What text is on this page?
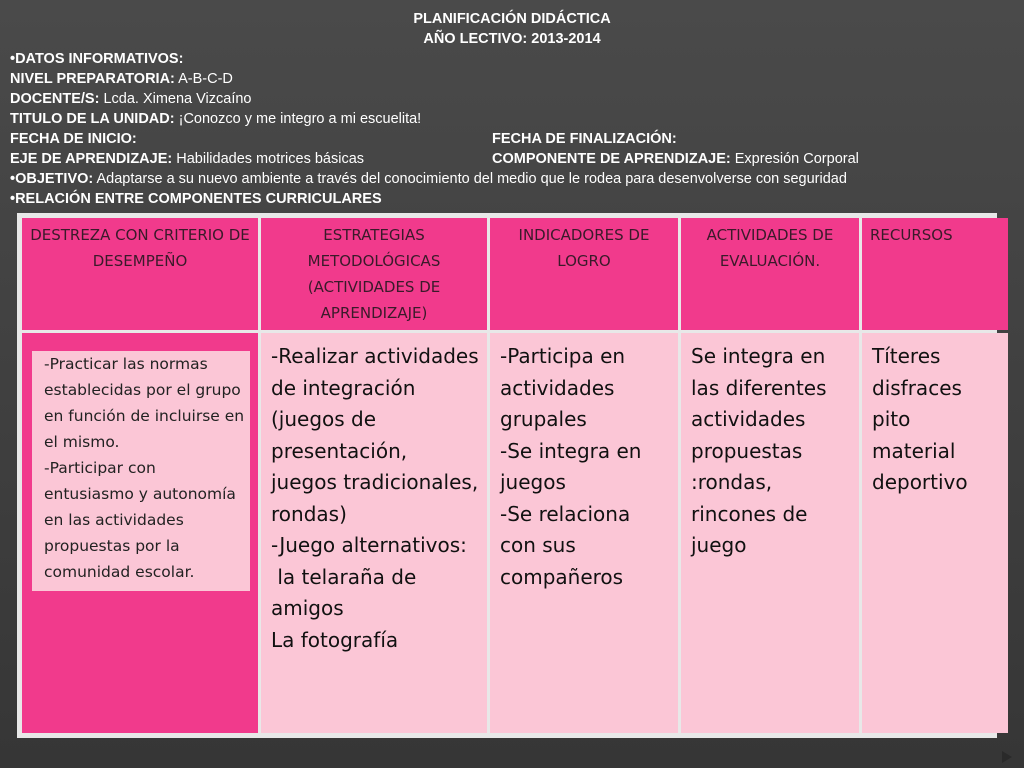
PLANIFICACIÓN DIDÁCTICA
AÑO LECTIVO: 2013-2014
•DATOS INFORMATIVOS:
NIVEL PREPARATORIA: A-B-C-D
DOCENTE/S: Lcda. Ximena Vizcaíno
TITULO DE LA UNIDAD: ¡Conozco y me integro a mi escuelita!
FECHA DE INICIO:	FECHA DE FINALIZACIÓN:
EJE DE APRENDIZAJE: Habilidades motrices básicas	COMPONENTE DE APRENDIZAJE: Expresión Corporal
•OBJETIVO: Adaptarse a su nuevo ambiente a través del conocimiento del medio que le rodea para desenvolverse con seguridad
•RELACIÓN ENTRE COMPONENTES CURRICULARES
DESTREZA CON CRITERIO DE DESEMPEÑO	ESTRATEGIAS METODOLÓGICAS (ACTIVIDADES DE APRENDIZAJE)	INDICADORES DE LOGRO	ACTIVIDADES DE EVALUACIÓN.	RECURSOS

-Practicar las normas establecidas por el grupo en función de incluirse en el mismo.
-Participar con entusiasmo y autonomía en las actividades propuestas por la comunidad escolar.	-Realizar actividades de integración (juegos de presentación, juegos tradicionales, rondas)
-Juego alternativos:
la telaraña de amigos
La fotografía	-Participa en actividades grupales
-Se integra en juegos
-Se relaciona con sus compañeros	Se integra en las diferentes actividades propuestas :rondas, rincones de juego	Títeres
disfraces
pito
material
deportivo
